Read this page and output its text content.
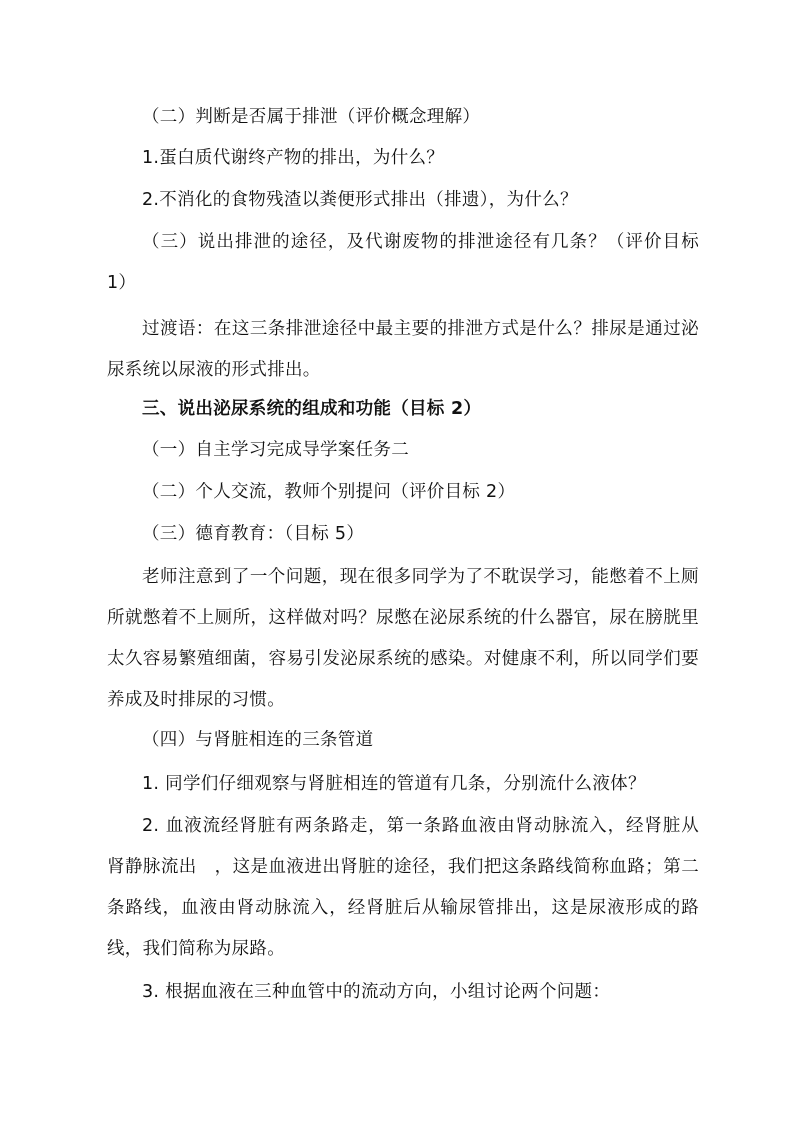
（二）判断是否属于排泄（评价概念理解）

1.蛋白质代谢终产物的排出，为什么？

2.不消化的食物残渣以粪便形式排出（排遗），为什么？

（三）说出排泄的途径，及代谢废物的排泄途径有几条？（评价目标 1）

过渡语：在这三条排泄途径中最主要的排泄方式是什么？排尿是通过泌尿系统以尿液的形式排出。

三、说出泌尿系统的组成和功能（目标 2）

（一）自主学习完成导学案任务二

（二）个人交流，教师个别提问（评价目标 2）

（三）德育教育：（目标 5）

老师注意到了一个问题，现在很多同学为了不耽误学习，能憋着不上厕所就憋着不上厕所，这样做对吗？尿憋在泌尿系统的什么器官，尿在膀胱里太久容易繁殖细菌，容易引发泌尿系统的感染。对健康不利，所以同学们要养成及时排尿的习惯。

（四）与肾脏相连的三条管道

1. 同学们仔细观察与肾脏相连的管道有几条，分别流什么液体？

2. 血液流经肾脏有两条路走，第一条路血液由肾动脉流入，经肾脏从肾静脉流出　，这是血液进出肾脏的途径，我们把这条路线简称血路；第二条路线，血液由肾动脉流入，经肾脏后从输尿管排出，这是尿液形成的路线，我们简称为尿路。

3. 根据血液在三种血管中的流动方向，小组讨论两个问题：
